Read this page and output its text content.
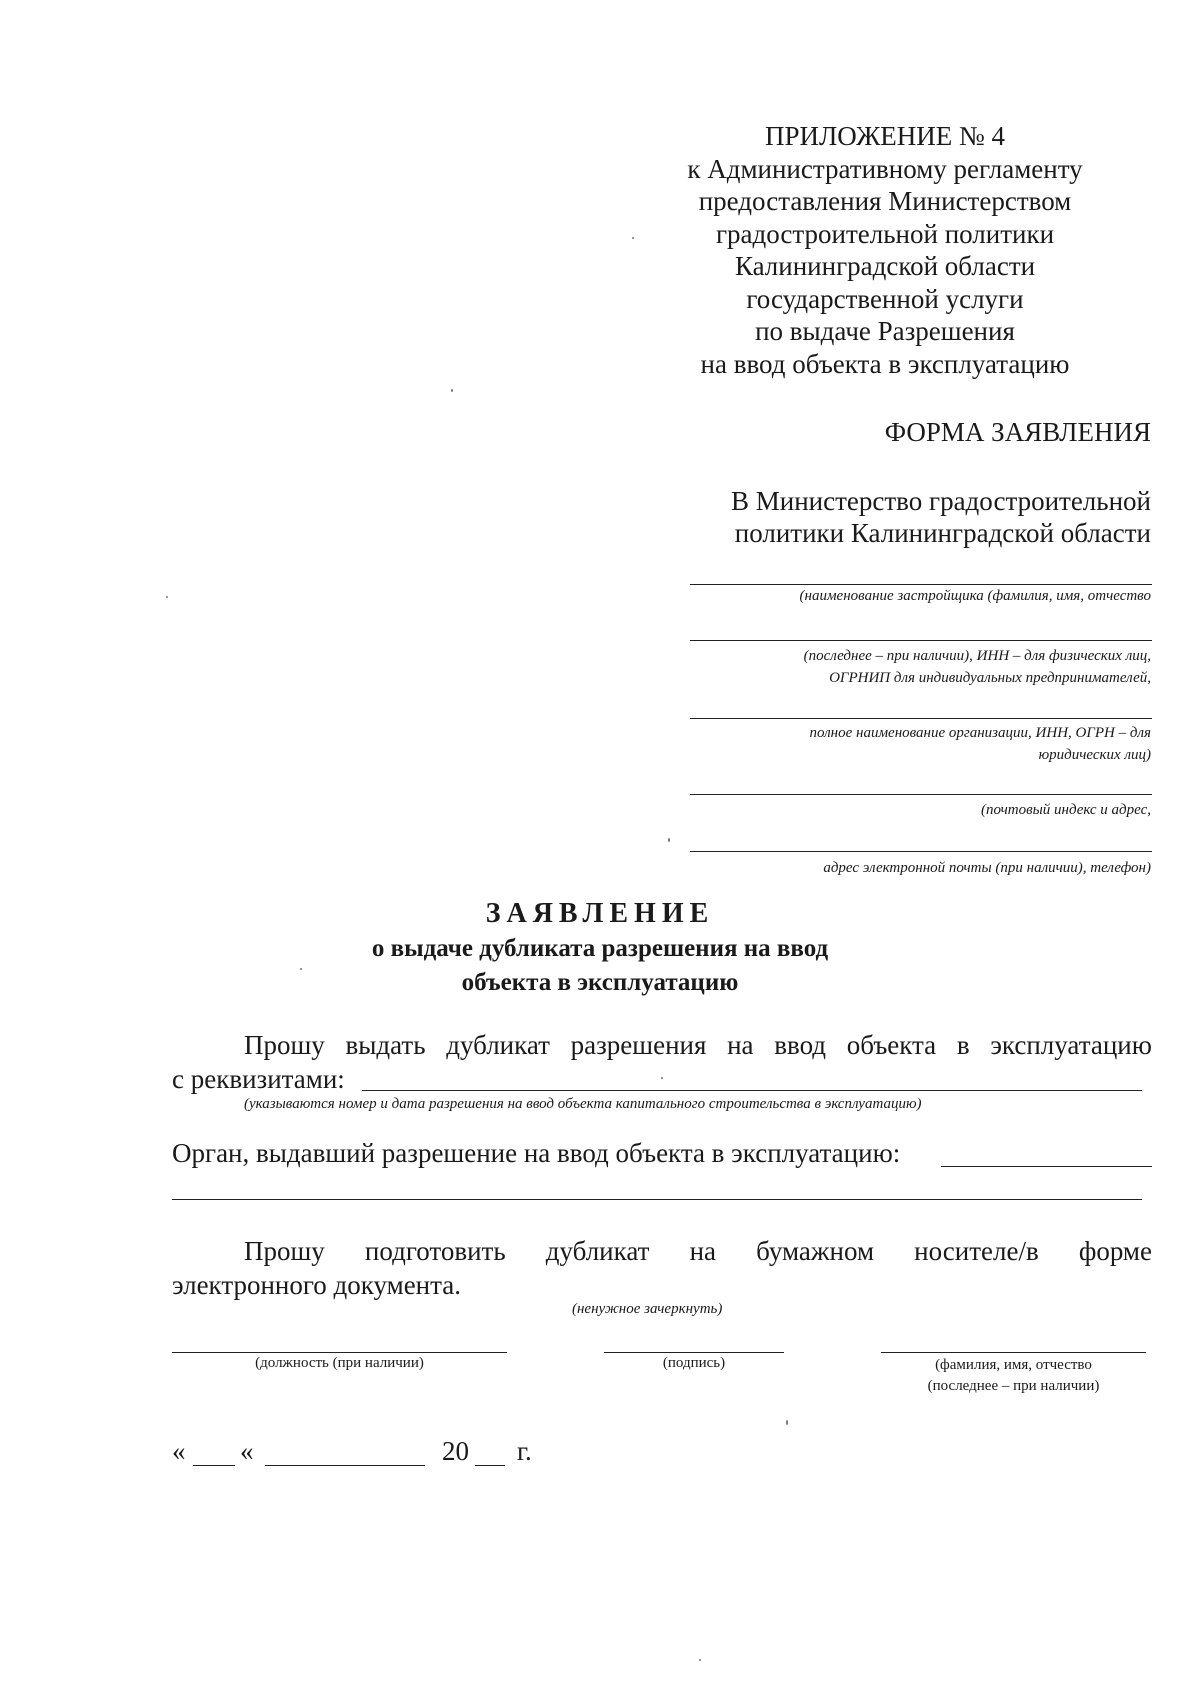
ПРИЛОЖЕНИЕ № 4
к Административному регламенту
предоставления Министерством
градостроительной политики
Калининградской области
государственной услуги
по выдаче Разрешения
на ввод объекта в эксплуатацию
ФОРМА ЗАЯВЛЕНИЯ
В Министерство градостроительной
политики Калининградской области
(наименование застройщика (фамилия, имя, отчество
(последнее – при наличии), ИНН – для физических лиц,
ОГРНИП для индивидуальных предпринимателей,
полное наименование организации, ИНН, ОГРН – для
юридических лиц)
(почтовый индекс и адрес,
адрес электронной почты (при наличии), телефон)
ЗАЯВЛЕНИЕ
о выдаче дубликата разрешения на ввод
объекта в эксплуатацию
Прошу выдать дубликат разрешения на ввод объекта в эксплуатацию
с реквизитами:
(указываются номер и дата разрешения на ввод объекта капитального строительства в эксплуатацию)
Орган, выдавший разрешение на ввод объекта в эксплуатацию:
Прошу подготовить дубликат на бумажном носителе/в форме
электронного документа.
(ненужное зачеркнуть)
(должность (при наличии)	(подпись)	(фамилия, имя, отчество
(последнее – при наличии)
« «	20 г.
